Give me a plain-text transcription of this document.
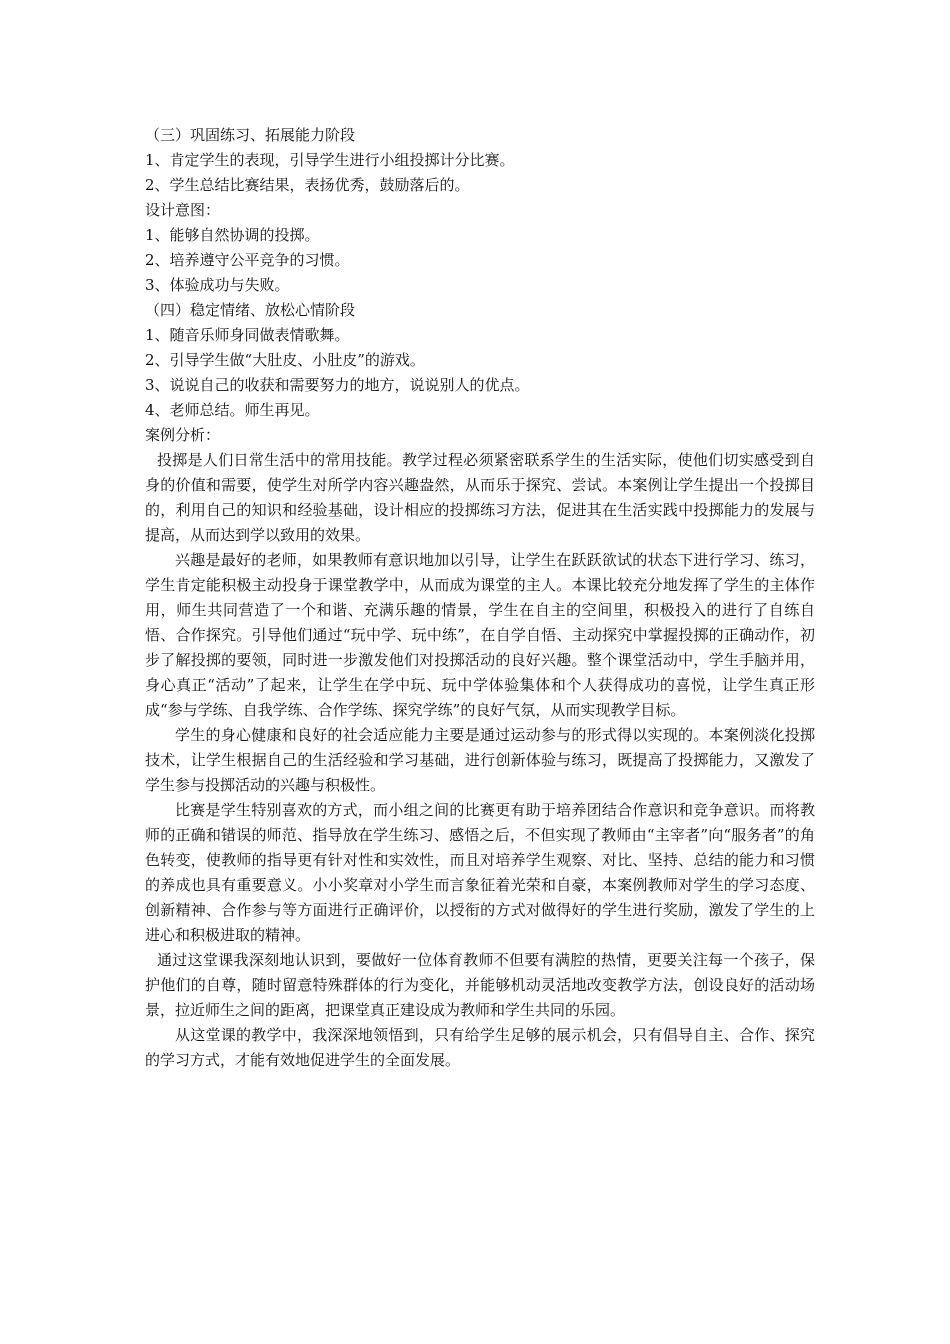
（三）巩固练习、拓展能力阶段
1、肯定学生的表现，引导学生进行小组投掷计分比赛。
2、学生总结比赛结果，表扬优秀，鼓励落后的。
设计意图：
1、能够自然协调的投掷。
2、培养遵守公平竞争的习惯。
3、体验成功与失败。
（四）稳定情绪、放松心情阶段
1、随音乐师身同做表情歌舞。
2、引导学生做“大肚皮、小肚皮”的游戏。
3、说说自己的收获和需要努力的地方，说说别人的优点。
4、老师总结。师生再见。
案例分析：

投掷是人们日常生活中的常用技能。教学过程必须紧密联系学生的生活实际，使他们切实感受到自身的价值和需要，使学生对所学内容兴趣盎然，从而乐于探究、尝试。本案例让学生提出一个投掷目的，利用自己的知识和经验基础，设计相应的投掷练习方法，促进其在生活实践中投掷能力的发展与提高，从而达到学以致用的效果。

兴趣是最好的老师，如果教师有意识地加以引导，让学生在跃跃欲试的状态下进行学习、练习，学生肯定能积极主动投身于课堂教学中，从而成为课堂的主人。本课比较充分地发挥了学生的主体作用，师生共同营造了一个和谐、充满乐趣的情景，学生在自主的空间里，积极投入的进行了自练自悟、合作探究。引导他们通过“玩中学、玩中练”，在自学自悟、主动探究中掌握投掷的正确动作，初步了解投掷的要领，同时进一步激发他们对投掷活动的良好兴趣。整个课堂活动中，学生手脑并用，身心真正“活动”了起来，让学生在学中玩、玩中学体验集体和个人获得成功的喜悦，让学生真正形成“参与学练、自我学练、合作学练、探究学练”的良好气氛，从而实现教学目标。

学生的身心健康和良好的社会适应能力主要是通过运动参与的形式得以实现的。本案例淡化投掷技术，让学生根据自己的生活经验和学习基础，进行创新体验与练习，既提高了投掷能力，又激发了学生参与投掷活动的兴趣与积极性。

比赛是学生特别喜欢的方式，而小组之间的比赛更有助于培养团结合作意识和竞争意识。而将教师的正确和错误的师范、指导放在学生练习、感悟之后，不但实现了教师由“主宰者”向“服务者”的角色转变，使教师的指导更有针对性和实效性，而且对培养学生观察、对比、坚持、总结的能力和习惯的养成也具有重要意义。小小奖章对小学生而言象征着光荣和自豪，本案例教师对学生的学习态度、创新精神、合作参与等方面进行正确评价，以授衔的方式对做得好的学生进行奖励，激发了学生的上进心和积极进取的精神。

通过这堂课我深刻地认识到，要做好一位体育教师不但要有满腔的热情，更要关注每一个孩子，保护他们的自尊，随时留意特殊群体的行为变化，并能够机动灵活地改变教学方法，创设良好的活动场景，拉近师生之间的距离，把课堂真正建设成为教师和学生共同的乐园。

从这堂课的教学中，我深深地领悟到，只有给学生足够的展示机会，只有倡导自主、合作、探究的学习方式，才能有效地促进学生的全面发展。
